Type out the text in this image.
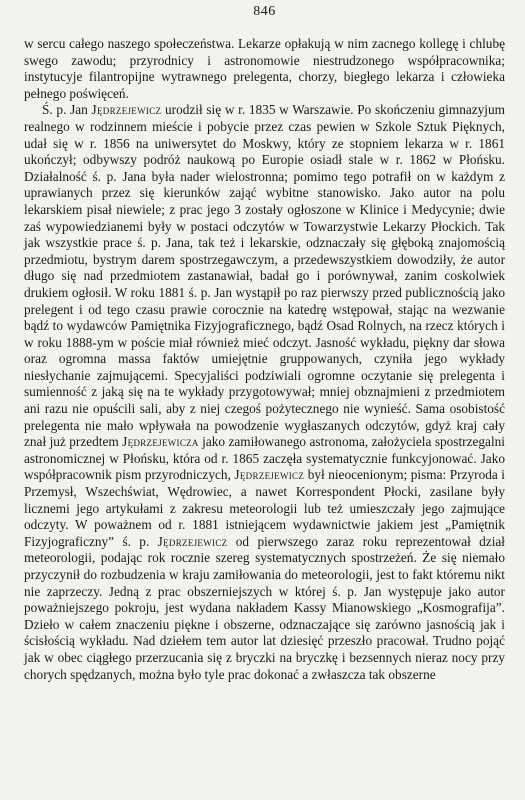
846

w sercu całego naszego społeczeństwa. Lekarze opłakują w nim zacnego kollegę i chlubę swego zawodu; przyrodnicy i astronomowie niestrudzonego współpracownika; instytucyje filantropijne wytrawnego prelegenta, chorzy, biegłego lekarza i człowieka pełnego poświęceń.

Ś. p. Jan Jędrzejewicz urodził się w r. 1835 w Warszawie. Po skończeniu gimnazyjum realnego w rodzinnem mieście i pobycie przez czas pewien w Szkole Sztuk Pięknych, udał się w r. 1856 na uniwersytet do Moskwy, który ze stopniem lekarza w r. 1861 ukończył; odbywszy podróż naukową po Europie osiadł stale w r. 1862 w Płońsku. Działalność ś. p. Jana była nader wielostronna; pomimo tego potrafił on w każdym z uprawianych przez się kierunków zająć wybitne stanowisko. Jako autor na polu lekarskiem pisał niewiele; z prac jego 3 zostały ogłoszone w Klinice i Medycynie; dwie zaś wypowiedzianemi były w postaci odczytów w Towarzystwie Lekarzy Płockich. Tak jak wszystkie prace ś. p. Jana, tak też i lekarskie, odznaczały się głęboką znajomością przedmiotu, bystrym darem spostrzegawczym, a przedewszystkiem dowodziły, że autor długo się nad przedmiotem zastanawiał, badał go i porównywał, zanim coskolwiek drukiem ogłosił. W roku 1881 ś. p. Jan wystąpił po raz pierwszy przed publicznością jako prelegent i od tego czasu prawie corocznie na katedrę wstępował, stając na wezwanie bądź to wydawców Pamiętnika Fizyjograficznego, bądź Osad Rolnych, na rzecz których i w roku 1888-ym w poście miał również mieć odczyt. Jasność wykładu, piękny dar słowa oraz ogromna massa faktów umiejętnie gruppowanych, czyniła jego wykłady niesłychanie zajmującemi. Specyjaliści podziwiali ogromne oczytanie się prelegenta i sumienność z jaką się na te wykłady przygotowywał; mniej obznajmieni z przedmiotem ani razu nie opuścili sali, aby z niej czegoś pożytecznego nie wynieść. Sama osobistość prelegenta nie mało wpływała na powodzenie wygłaszanych odczytów, gdyż kraj cały znał już przedtem Jędrzejewicza jako zamiłowanego astronoma, założyciela spostrzegalni astronomicznej w Płońsku, która od r. 1865 zaczęła systematycznie funkcyjonować. Jako współpracownik pism przyrodniczych, Jędrzejewicz był nieocenionym; pisma: Przyroda i Przemysł, Wszechświat, Wędrowiec, a nawet Korrespondent Płocki, zasilane były licznemi jego artykułami z zakresu meteorologii lub też umieszczały jego zajmujące odczyty. W poważnem od r. 1881 istniejącem wydawnictwie jakiem jest „Pamiętnik Fizyjograficzny” ś. p. Jędrzejewicz od pierwszego zaraz roku reprezentował dział meteorologii, podając rok rocznie szereg systematycznych spostrzeżeń. Że się niemało przyczynił do rozbudzenia w kraju zamiłowania do meteorologii, jest to fakt któremu nikt nie zaprzeczy. Jedną z prac obszerniejszych w której ś. p. Jan występuje jako autor poważniejszego pokroju, jest wydana nakładem Kassy Mianowskiego „Kosmografija”. Dzieło w całem znaczeniu piękne i obszerne, odznaczające się zarówno jasnością jak i ścisłością wykładu. Nad dziełem tem autor lat dziesięć przeszło pracował. Trudno pojąć jak w obec ciągłego przerzucania się z bryczki na bryczkę i bezsennych nieraz nocy przy chorych spędzanych, można było tyle prac dokonać a zwłaszcza tak obszerne
